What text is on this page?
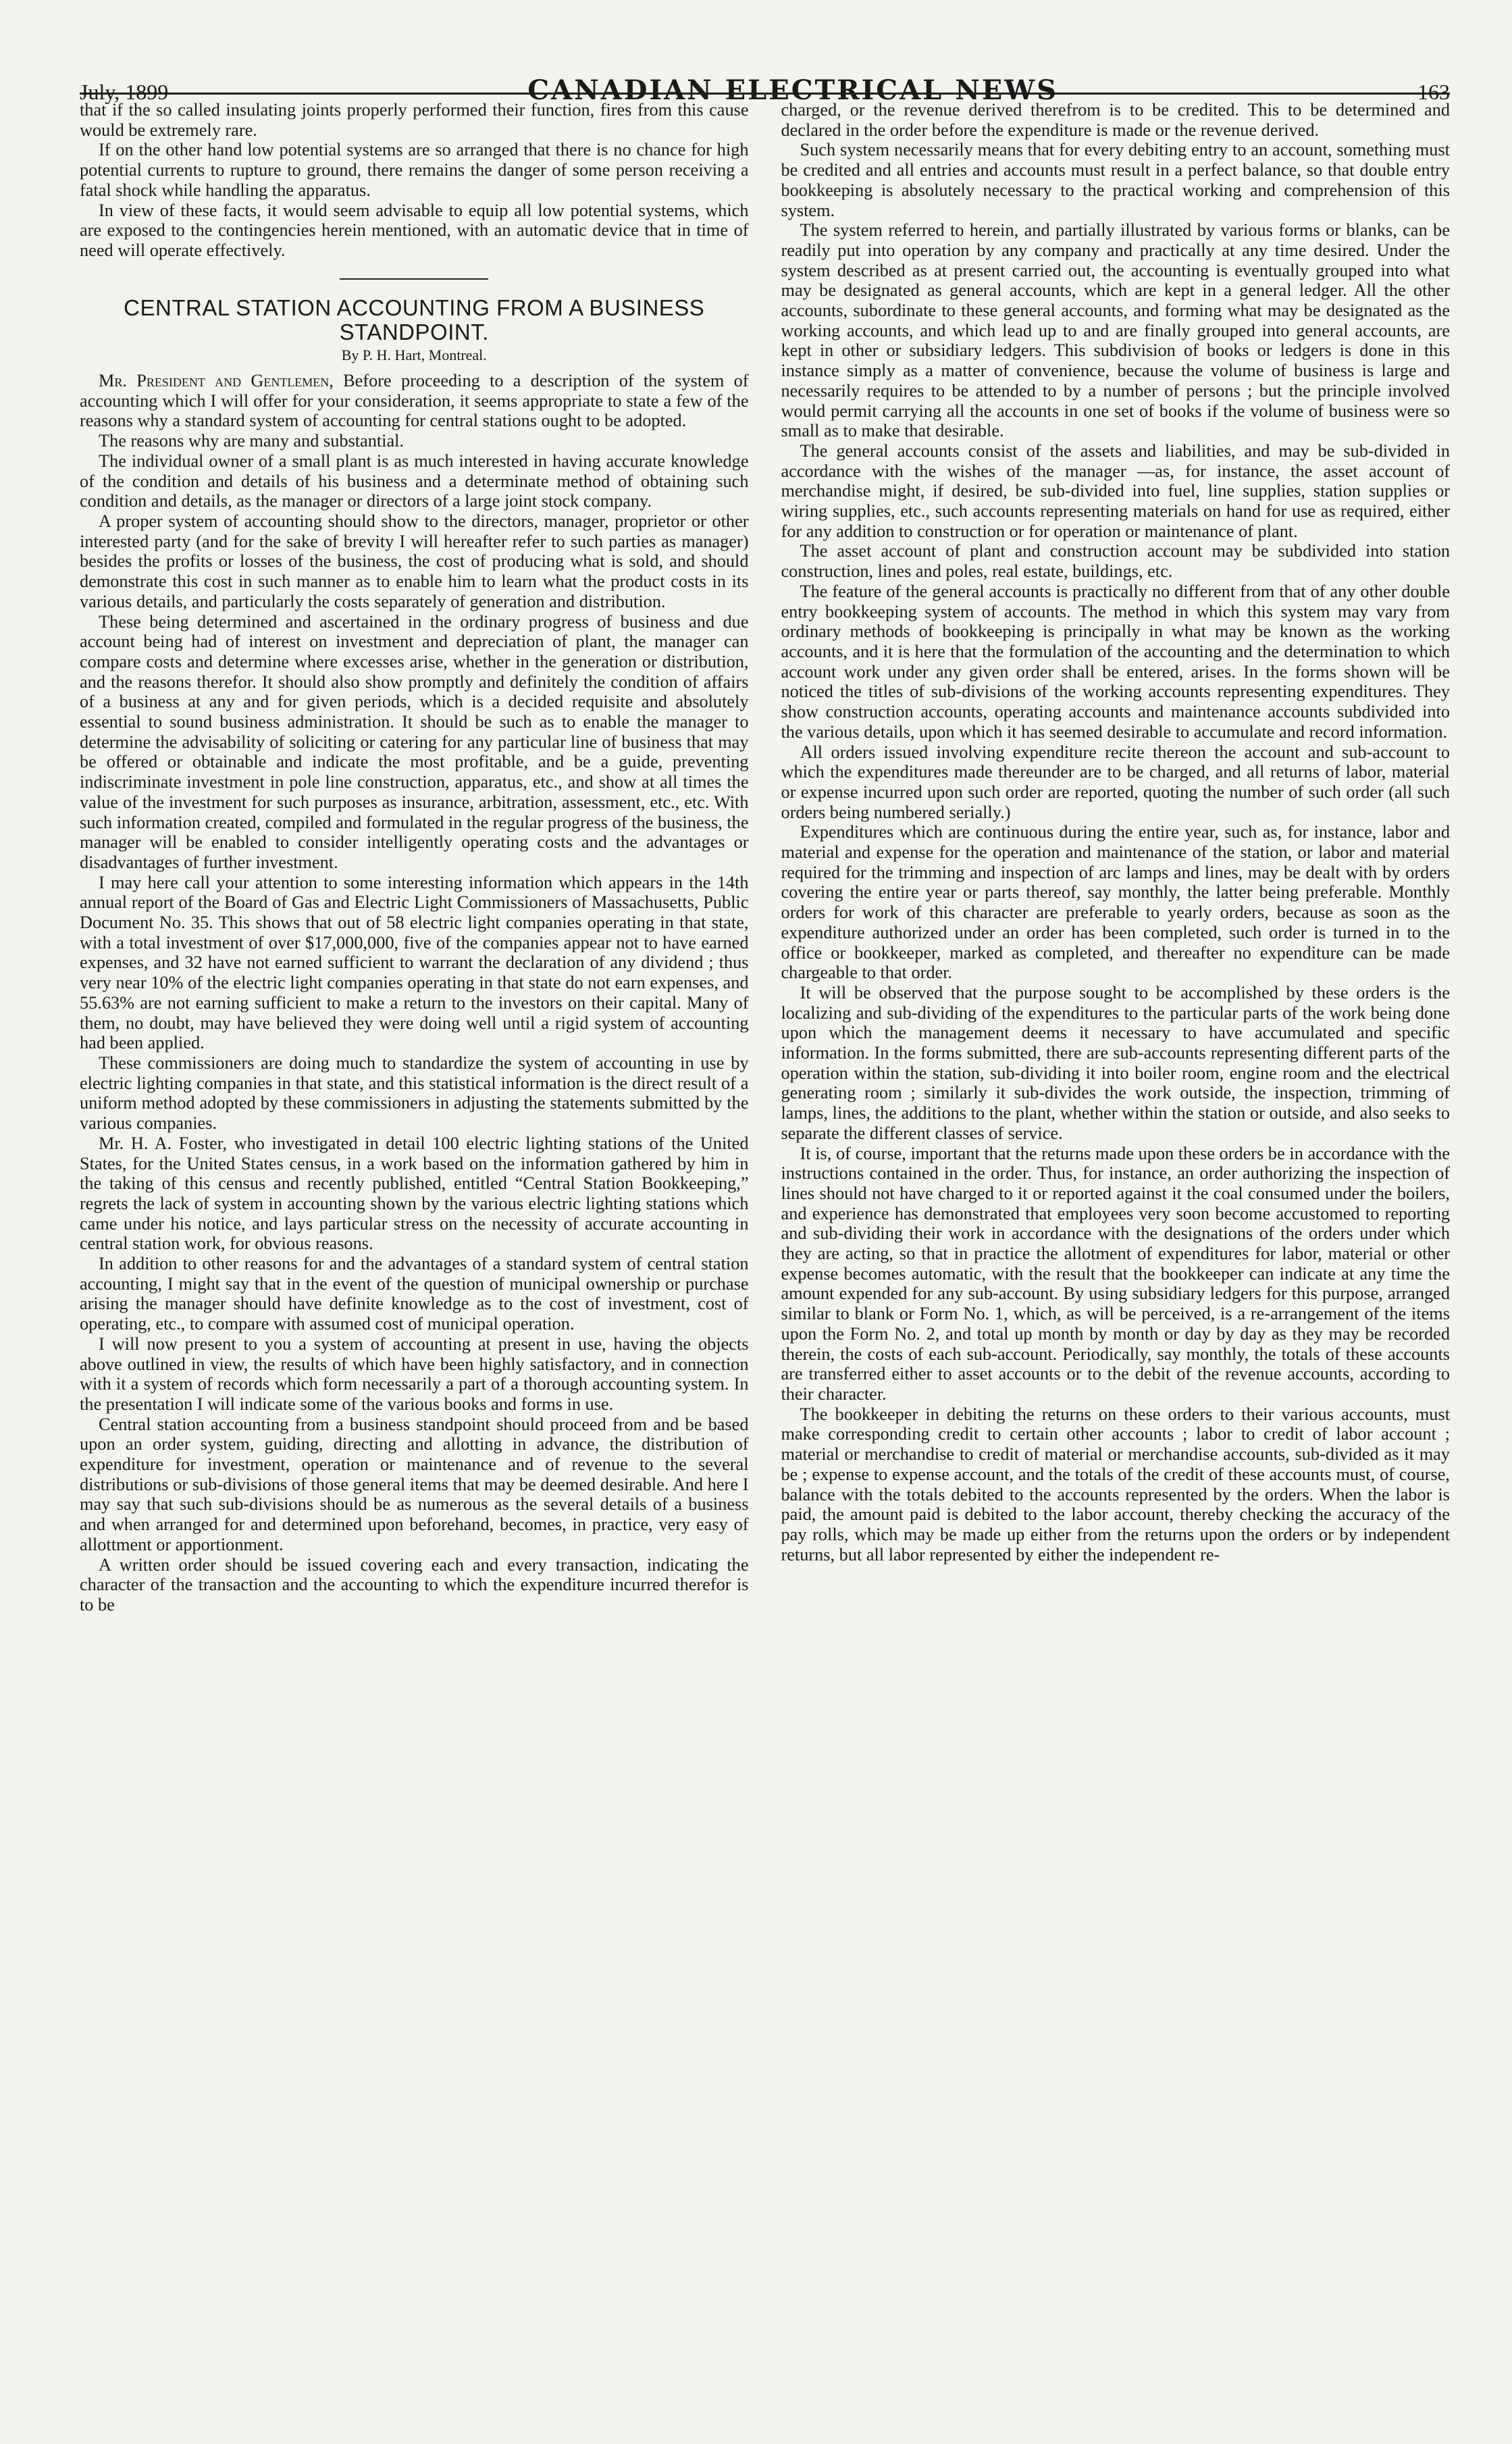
July, 1899	CANADIAN ELECTRICAL NEWS	163

that if the so called insulating joints properly performed their function, fires from this cause would be extremely rare.

If on the other hand low potential systems are so arranged that there is no chance for high potential currents to rupture to ground, there remains the danger of some person receiving a fatal shock while handling the apparatus.

In view of these facts, it would seem advisable to equip all low potential systems, which are exposed to the contingencies herein mentioned, with an automatic device that in time of need will operate effectively.

CENTRAL STATION ACCOUNTING FROM A BUSINESS STANDPOINT.
By P. H. Hart, Montreal.

Mr. President and Gentlemen, Before proceeding to a description of the system of accounting which I will offer for your consideration, it seems appropriate to state a few of the reasons why a standard system of accounting for central stations ought to be adopted.

The reasons why are many and substantial.

The individual owner of a small plant is as much interested in having accurate knowledge of the condition and details of his business and a determinate method of obtaining such condition and details, as the manager or directors of a large joint stock company.

A proper system of accounting should show to the directors, manager, proprietor or other interested party (and for the sake of brevity I will hereafter refer to such parties as manager) besides the profits or losses of the business, the cost of producing what is sold, and should demonstrate this cost in such manner as to enable him to learn what the product costs in its various details, and particularly the costs separately of generation and distribution.

These being determined and ascertained in the ordinary progress of business and due account being had of interest on investment and depreciation of plant, the manager can compare costs and determine where excesses arise, whether in the generation or distribution, and the reasons therefor. It should also show promptly and definitely the condition of affairs of a business at any and for given periods, which is a decided requisite and absolutely essential to sound business administration. It should be such as to enable the manager to determine the advisability of soliciting or catering for any particular line of business that may be offered or obtainable and indicate the most profitable, and be a guide, preventing indiscriminate investment in pole line construction, apparatus, etc., and show at all times the value of the investment for such purposes as insurance, arbitration, assessment, etc., etc. With such information created, compiled and formulated in the regular progress of the business, the manager will be enabled to consider intelligently operating costs and the advantages or disadvantages of further investment.

I may here call your attention to some interesting information which appears in the 14th annual report of the Board of Gas and Electric Light Commissioners of Massachusetts, Public Document No. 35. This shows that out of 58 electric light companies operating in that state, with a total investment of over $17,000,000, five of the companies appear not to have earned expenses, and 32 have not earned sufficient to warrant the declaration of any dividend ; thus very near 10% of the electric light companies operating in that state do not earn expenses, and 55.63% are not earning sufficient to make a return to the investors on their capital. Many of them, no doubt, may have believed they were doing well until a rigid system of accounting had been applied.

These commissioners are doing much to standardize the system of accounting in use by electric lighting companies in that state, and this statistical information is the direct result of a uniform method adopted by these commissioners in adjusting the statements submitted by the various companies.

Mr. H. A. Foster, who investigated in detail 100 electric lighting stations of the United States, for the United States census, in a work based on the information gathered by him in the taking of this census and recently published, entitled “Central Station Bookkeeping,” regrets the lack of system in accounting shown by the various electric lighting stations which came under his notice, and lays particular stress on the necessity of accurate accounting in central station work, for obvious reasons.

In addition to other reasons for and the advantages of a standard system of central station accounting, I might say that in the event of the question of municipal ownership or purchase arising the manager should have definite knowledge as to the cost of investment, cost of operating, etc., to compare with assumed cost of municipal operation.

I will now present to you a system of accounting at present in use, having the objects above outlined in view, the results of which have been highly satisfactory, and in connection with it a system of records which form necessarily a part of a thorough accounting system. In the presentation I will indicate some of the various books and forms in use.

Central station accounting from a business standpoint should proceed from and be based upon an order system, guiding, directing and allotting in advance, the distribution of expenditure for investment, operation or maintenance and of revenue to the several distributions or sub-divisions of those general items that may be deemed desirable. And here I may say that such sub-divisions should be as numerous as the several details of a business and when arranged for and determined upon beforehand, becomes, in practice, very easy of allottment or apportionment.

A written order should be issued covering each and every transaction, indicating the character of the transaction and the accounting to which the expenditure incurred therefor is to be

charged, or the revenue derived therefrom is to be credited. This to be determined and declared in the order before the expenditure is made or the revenue derived.

Such system necessarily means that for every debiting entry to an account, something must be credited and all entries and accounts must result in a perfect balance, so that double entry bookkeeping is absolutely necessary to the practical working and comprehension of this system.

The system referred to herein, and partially illustrated by various forms or blanks, can be readily put into operation by any company and practically at any time desired. Under the system described as at present carried out, the accounting is eventually grouped into what may be designated as general accounts, which are kept in a general ledger. All the other accounts, subordinate to these general accounts, and forming what may be designated as the working accounts, and which lead up to and are finally grouped into general accounts, are kept in other or subsidiary ledgers. This subdivision of books or ledgers is done in this instance simply as a matter of convenience, because the volume of business is large and necessarily requires to be attended to by a number of persons ; but the principle involved would permit carrying all the accounts in one set of books if the volume of business were so small as to make that desirable.

The general accounts consist of the assets and liabilities, and may be sub-divided in accordance with the wishes of the manager —as, for instance, the asset account of merchandise might, if desired, be sub-divided into fuel, line supplies, station supplies or wiring supplies, etc., such accounts representing materials on hand for use as required, either for any addition to construction or for operation or maintenance of plant.

The asset account of plant and construction account may be subdivided into station construction, lines and poles, real estate, buildings, etc.

The feature of the general accounts is practically no different from that of any other double entry bookkeeping system of accounts. The method in which this system may vary from ordinary methods of bookkeeping is principally in what may be known as the working accounts, and it is here that the formulation of the accounting and the determination to which account work under any given order shall be entered, arises. In the forms shown will be noticed the titles of sub-divisions of the working accounts representing expenditures. They show construction accounts, operating accounts and maintenance accounts subdivided into the various details, upon which it has seemed desirable to accumulate and record information.

All orders issued involving expenditure recite thereon the account and sub-account to which the expenditures made thereunder are to be charged, and all returns of labor, material or expense incurred upon such order are reported, quoting the number of such order (all such orders being numbered serially.)

Expenditures which are continuous during the entire year, such as, for instance, labor and material and expense for the operation and maintenance of the station, or labor and material required for the trimming and inspection of arc lamps and lines, may be dealt with by orders covering the entire year or parts thereof, say monthly, the latter being preferable. Monthly orders for work of this character are preferable to yearly orders, because as soon as the expenditure authorized under an order has been completed, such order is turned in to the office or bookkeeper, marked as completed, and thereafter no expenditure can be made chargeable to that order.

It will be observed that the purpose sought to be accomplished by these orders is the localizing and sub-dividing of the expenditures to the particular parts of the work being done upon which the management deems it necessary to have accumulated and specific information. In the forms submitted, there are sub-accounts representing different parts of the operation within the station, sub-dividing it into boiler room, engine room and the electrical generating room ; similarly it sub-divides the work outside, the inspection, trimming of lamps, lines, the additions to the plant, whether within the station or outside, and also seeks to separate the different classes of service.

It is, of course, important that the returns made upon these orders be in accordance with the instructions contained in the order. Thus, for instance, an order authorizing the inspection of lines should not have charged to it or reported against it the coal consumed under the boilers, and experience has demonstrated that employees very soon become accustomed to reporting and sub-dividing their work in accordance with the designations of the orders under which they are acting, so that in practice the allotment of expenditures for labor, material or other expense becomes automatic, with the result that the bookkeeper can indicate at any time the amount expended for any sub-account. By using subsidiary ledgers for this purpose, arranged similar to blank or Form No. 1, which, as will be perceived, is a re-arrangement of the items upon the Form No. 2, and total up month by month or day by day as they may be recorded therein, the costs of each sub-account. Periodically, say monthly, the totals of these accounts are transferred either to asset accounts or to the debit of the revenue accounts, according to their character.

The bookkeeper in debiting the returns on these orders to their various accounts, must make corresponding credit to certain other accounts ; labor to credit of labor account ; material or merchandise to credit of material or merchandise accounts, sub-divided as it may be ; expense to expense account, and the totals of the credit of these accounts must, of course, balance with the totals debited to the accounts represented by the orders. When the labor is paid, the amount paid is debited to the labor account, thereby checking the accuracy of the pay rolls, which may be made up either from the returns upon the orders or by independent returns, but all labor represented by either the independent re-
